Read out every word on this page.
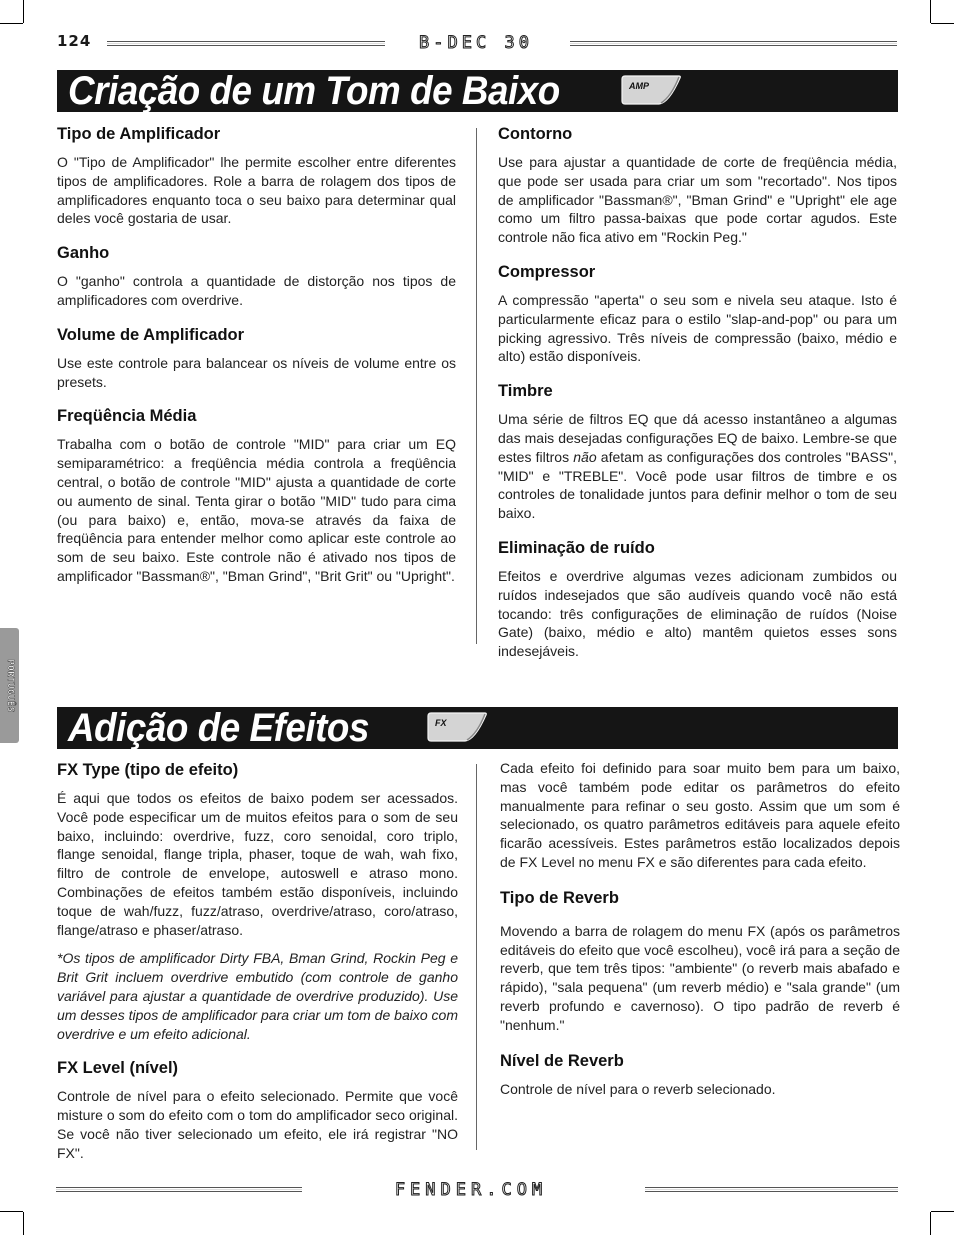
124	B-DEC 30
PORTUGUÊS
Criação de um Tom de Baixo	AMP
Tipo de Amplificador

O "Tipo de Amplificador" lhe permite escolher entre diferentes tipos de amplificadores. Role a barra de rolagem dos tipos de amplificadores enquanto toca o seu baixo para determinar qual deles você gostaria de usar.

Ganho

O "ganho" controla a quantidade de distorção nos tipos de amplificadores com overdrive.

Volume de Amplificador

Use este controle para balancear os níveis de volume entre os presets.

Freqüência Média

Trabalha com o botão de controle "MID" para criar um EQ semiparamétrico: a freqüência média controla a freqüência central, o botão de controle "MID" ajusta a quantidade de corte ou aumento de sinal. Tenta girar o botão "MID" tudo para cima (ou para baixo) e, então, mova-se através da faixa de freqüência para entender melhor como aplicar este controle ao som de seu baixo. Este controle não é ativado nos tipos de amplificador "Bassman®", "Bman Grind", "Brit Grit" ou "Upright".

Contorno

Use para ajustar a quantidade de corte de freqüência média, que pode ser usada para criar um som "recortado". Nos tipos de amplificador "Bassman®", "Bman Grind" e "Upright" ele age como um filtro passa-baixas que pode cortar agudos. Este controle não fica ativo em "Rockin Peg."

Compressor

A compressão "aperta" o seu som e nivela seu ataque. Isto é particularmente eficaz para o estilo "slap-and-pop" ou para um picking agressivo. Três níveis de compressão (baixo, médio e alto) estão disponíveis.

Timbre

Uma série de filtros EQ que dá acesso instantâneo a algumas das mais desejadas configurações EQ de baixo. Lembre-se que estes filtros não afetam as configurações dos controles "BASS", "MID" e "TREBLE". Você pode usar filtros de timbre e os controles de tonalidade juntos para definir melhor o tom de seu baixo.

Eliminação de ruído

Efeitos e overdrive algumas vezes adicionam zumbidos ou ruídos indesejados que são audíveis quando você não está tocando: três configurações de eliminação de ruídos (Noise Gate) (baixo, médio e alto) mantêm quietos esses sons indesejáveis.

Adição de Efeitos	FX
FX Type (tipo de efeito)

É aqui que todos os efeitos de baixo podem ser acessados. Você pode especificar um de muitos efeitos para o som de seu baixo, incluindo: overdrive, fuzz, coro senoidal, coro triplo, flange senoidal, flange tripla, phaser, toque de wah, wah fixo, filtro de controle de envelope, autoswell e atraso mono. Combinações de efeitos também estão disponíveis, incluindo toque de wah/fuzz, fuzz/atraso, overdrive/atraso, coro/atraso, flange/atraso e phaser/atraso.

*Os tipos de amplificador Dirty FBA, Bman Grind, Rockin Peg e Brit Grit incluem overdrive embutido (com controle de ganho variável para ajustar a quantidade de overdrive produzido). Use um desses tipos de amplificador para criar um tom de baixo com overdrive e um efeito adicional.

FX Level (nível)

Controle de nível para o efeito selecionado. Permite que você misture o som do efeito com o tom do amplificador seco original. Se você não tiver selecionado um efeito, ele irá registrar "NO FX".

Cada efeito foi definido para soar muito bem para um baixo, mas você também pode editar os parâmetros do efeito manualmente para refinar o seu gosto. Assim que um som é selecionado, os quatro parâmetros editáveis para aquele efeito ficarão acessíveis. Estes parâmetros estão localizados depois de FX Level no menu FX e são diferentes para cada efeito.

Tipo de Reverb

Movendo a barra de rolagem do menu FX (após os parâmetros editáveis do efeito que você escolheu), você irá para a seção de reverb, que tem três tipos: "ambiente" (o reverb mais abafado e rápido), "sala pequena" (um reverb médio) e "sala grande" (um reverb profundo e cavernoso). O tipo padrão de reverb é "nenhum."

Nível de Reverb

Controle de nível para o reverb selecionado.

FENDER.COM
